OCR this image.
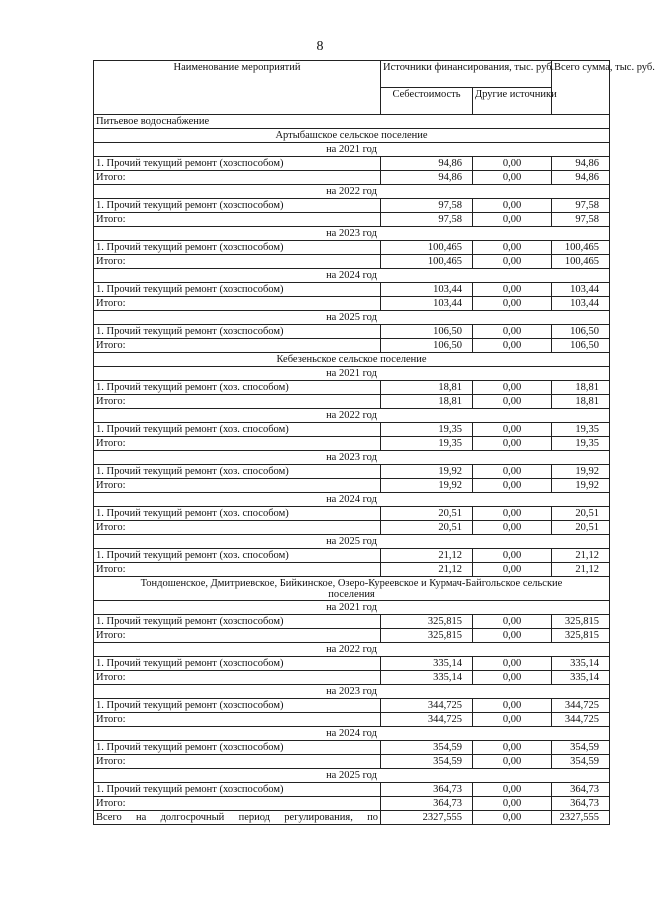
8
Наименование мероприятий	Источники финансирования, тыс. руб.		Всего сумма, тыс. руб.
	Себестоимость	Другие источники	
Питьевое водоснабжение			
Артыбашское сельское поселение			
на 2021 год			
1. Прочий текущий ремонт (хозспособом)	94,86	0,00	94,86
Итого:	94,86	0,00	94,86
на 2022 год			
1. Прочий текущий ремонт (хозспособом)	97,58	0,00	97,58
Итого:	97,58	0,00	97,58
на 2023 год			
1. Прочий текущий ремонт (хозспособом)	100,465	0,00	100,465
Итого:	100,465	0,00	100,465
на 2024 год			
1. Прочий текущий ремонт (хозспособом)	103,44	0,00	103,44
Итого:	103,44	0,00	103,44
на 2025 год			
1. Прочий текущий ремонт (хозспособом)	106,50	0,00	106,50
Итого:	106,50	0,00	106,50
Кебезеньское сельское поселение			
на 2021 год			
1. Прочий текущий ремонт (хоз. способом)	18,81	0,00	18,81
Итого:	18,81	0,00	18,81
на 2022 год			
1. Прочий текущий ремонт (хоз. способом)	19,35	0,00	19,35
Итого:	19,35	0,00	19,35
на 2023 год			
1. Прочий текущий ремонт (хоз. способом)	19,92	0,00	19,92
Итого:	19,92	0,00	19,92
на 2024 год			
1. Прочий текущий ремонт (хоз. способом)	20,51	0,00	20,51
Итого:	20,51	0,00	20,51
на 2025 год			
1. Прочий текущий ремонт (хоз. способом)	21,12	0,00	21,12
Итого:	21,12	0,00	21,12
Тондошенское, Дмитриевское, Бийкинское, Озеро-Куреевское и Курмач-Байгольское сельские поселения			
на 2021 год			
1. Прочий текущий ремонт (хозспособом)	325,815	0,00	325,815
Итого:	325,815	0,00	325,815
на 2022 год			
1. Прочий текущий ремонт (хозспособом)	335,14	0,00	335,14
Итого:	335,14	0,00	335,14
на 2023 год			
1. Прочий текущий ремонт (хозспособом)	344,725	0,00	344,725
Итого:	344,725	0,00	344,725
на 2024 год			
1. Прочий текущий ремонт (хозспособом)	354,59	0,00	354,59
Итого:	354,59	0,00	354,59
на 2025 год			
1. Прочий текущий ремонт (хозспособом)	364,73	0,00	364,73
Итого:	364,73	0,00	364,73
Всего на долгосрочный период регулирования, по	2327,555	0,00	2327,555
